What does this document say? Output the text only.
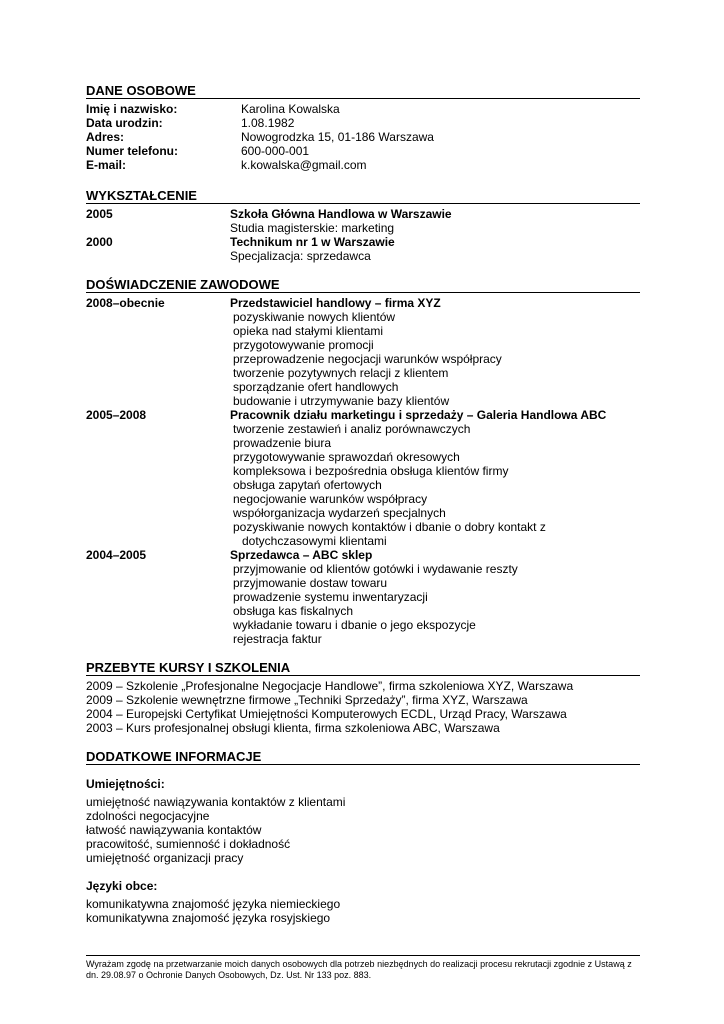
DANE OSOBOWE
Imię i nazwisko:	Karolina Kowalska
Data urodzin:	1.08.1982
Adres:	Nowogrodzka 15, 01-186 Warszawa
Numer telefonu:	600-000-001
E-mail:	k.kowalska@gmail.com
WYKSZTAŁCENIE
2005	Szkoła Główna Handlowa w Warszawie
Studia magisterskie: marketing
2000	Technikum nr 1 w Warszawie
Specjalizacja: sprzedawca
DOŚWIADCZENIE ZAWODOWE
2008–obecnie	Przedstawiciel handlowy – firma XYZ
pozyskiwanie nowych klientów
opieka nad stałymi klientami
przygotowywanie promocji
przeprowadzenie negocjacji warunków współpracy
tworzenie pozytywnych relacji z klientem
sporządzanie ofert handlowych
budowanie i utrzymywanie bazy klientów
2005–2008	Pracownik działu marketingu i sprzedaży – Galeria Handlowa ABC
tworzenie zestawień i analiz porównawczych
prowadzenie biura
przygotowywanie sprawozdań okresowych
kompleksowa i bezpośrednia obsługa klientów firmy
obsługa zapytań ofertowych
negocjowanie warunków współpracy
współorganizacja wydarzeń specjalnych
pozyskiwanie nowych kontaktów i dbanie o dobry kontakt z
dotychczasowymi klientami
2004–2005	Sprzedawca – ABC sklep
przyjmowanie od klientów gotówki i wydawanie reszty
przyjmowanie dostaw towaru
prowadzenie systemu inwentaryzacji
obsługa kas fiskalnych
wykładanie towaru i dbanie o jego ekspozycje
rejestracja faktur
PRZEBYTE KURSY I SZKOLENIA
2009 – Szkolenie „Profesjonalne Negocjacje Handlowe”, firma szkoleniowa XYZ, Warszawa
2009 – Szkolenie wewnętrzne firmowe „Techniki Sprzedaży”, firma XYZ, Warszawa
2004 – Europejski Certyfikat Umiejętności Komputerowych ECDL, Urząd Pracy, Warszawa
2003 – Kurs profesjonalnej obsługi klienta, firma szkoleniowa ABC, Warszawa
DODATKOWE INFORMACJE
Umiejętności:
umiejętność nawiązywania kontaktów z klientami
zdolności negocjacyjne
łatwość nawiązywania kontaktów
pracowitość, sumienność i dokładność
umiejętność organizacji pracy
Języki obce:
komunikatywna znajomość języka niemieckiego
komunikatywna znajomość języka rosyjskiego
Wyrażam zgodę na przetwarzanie moich danych osobowych dla potrzeb niezbędnych do realizacji procesu rekrutacji zgodnie z Ustawą z dn. 29.08.97 o Ochronie Danych Osobowych, Dz. Ust. Nr 133 poz. 883.
